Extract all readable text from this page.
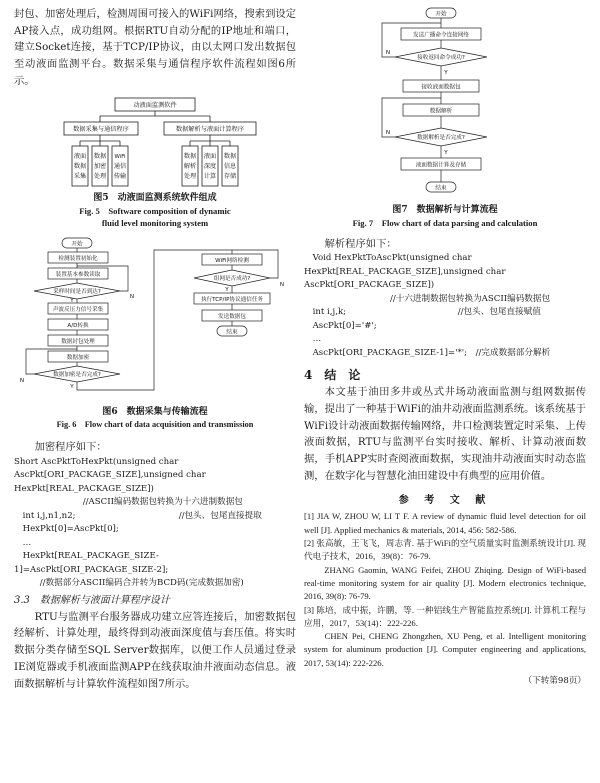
封包、加密处理后，检测周围可接入的WiFi网络，搜索到设定AP接入点，成功组网。根据RTU自动分配的IP地址和端口，建立Socket连接，基于TCP/IP协议，由以太网口发出数据包至动液面监测平台。数据采集与通信程序软件流程如图6所示。

动液面监测软件
数据采集与通信程序	数据解析与液面计算程序
液面
数据
采集
数据
加密
处理
WiFi
通信
传输
数据
解析
处理
液面
深度
计算
数据
信息
存储

图5　动液面监测系统软件组成

Fig. 5　Software composition of dynamic

fluid level monitoring system

开始
检测装置初始化
装置基本参数读取
采样时间是否到达?
声波反压力信号采集
A/D转换
数据封包处理
数据加密
数据加密是否完成?
WiFi网络检测
组网是否成功?
执行TCP/IP协议通信任务
发送数据包
结束
N
Y
N
Y
N
Y

图6　数据采集与传输流程

Fig. 6　Flow chart of data acquisition and transmission

加密程序如下：

Short AscPktToHexPkt(unsigned char AscPkt[ORI_PACKAGE_SIZE],unsigned char HexPkt[REAL_PACKAGE_SIZE])
　　　　　　　　//ASCII编码数据包转换为十六进制数据包
　int i,j,n1,n2;　　　　　　　　　　　　//包头、包尾直接提取
　HexPkt[0]=AscPkt[0];
　…
　HexPkt[REAL_PACKAGE_SIZE-1]=AscPkt[ORI_PACKAGE_SIZE-2];
　　　//数据部分ASCII编码合并转为BCD码(完成数据加密)

3.3　数据解析与液面计算程序设计

RTU与监测平台服务器成功建立应答连接后，加密数据包经解析、计算处理，最终得到动液面深度值与套压值。将实时数据分类存储至SQL Server数据库，以便工作人员通过登录IE浏览器或手机液面监测APP在线获取油井液面动态信息。液面数据解析与计算软件流程如图7所示。

开始
发送广播命令连接网络
接收返回命令成功?
接收液面数据包
数据解析
数据解析是否完成?
液面数据计算及存储
结束
N
Y
N
Y

图7　数据解析与计算流程

Fig. 7　Flow chart of data parsing and calculation

解析程序如下：

　Void HexPktToAscPkt(unsigned char HexPkt[REAL_PACKAGE_SIZE],unsigned char AscPkt[ORI_PACKAGE_SIZE])
　　　　　　　　　　//十六进制数据包转换为ASCII编码数据包
　int i,j,k;　　　　　　　　　　　　　//包头、包尾直接赋值
　AscPkt[0]='#';
　…
　AscPkt[ORI_PACKAGE_SIZE-1]='*';　//完成数据部分解析

4　结　论

本文基于油田多井或丛式井场动液面监测与组网数据传输，提出了一种基于WiFi的油井动液面监测系统。该系统基于WiFi设计动液面数据传输网络，井口检测装置定时采集、上传液面数据，RTU与监测平台实时接收、解析、计算动液面数据，手机APP实时查阅液面数据，实现油井动液面实时动态监测，在数字化与智慧化油田建设中有典型的应用价值。

参 考 文 献

[1] JIA W, ZHOU W, LI T F. A review of dynamic fluid level detection for oil well [J]. Applied mechanics & materials, 2014, 456: 582-586.

[2] 张高敏，王飞飞，周志青. 基于WiFi的空气质量实时监测系统设计[J]. 现代电子技术，2016，39(8)：76-79.

　　ZHANG Gaomin, WANG Feifei, ZHOU Zhiqing. Design of WiFi-based real-time monitoring system for air quality [J]. Modern electronics technique, 2016, 39(8): 76-79.

[3] 陈培，成中振，许鹏，等. 一种铝线生产智能监控系统[J]. 计算机工程与应用，2017，53(14)：222-226.

　　CHEN Pei, CHENG Zhongzhen, XU Peng, et al. Intelligent monitoring system for aluminum production [J]. Computer engineering and applications, 2017, 53(14): 222-226.

（下转第98页）
